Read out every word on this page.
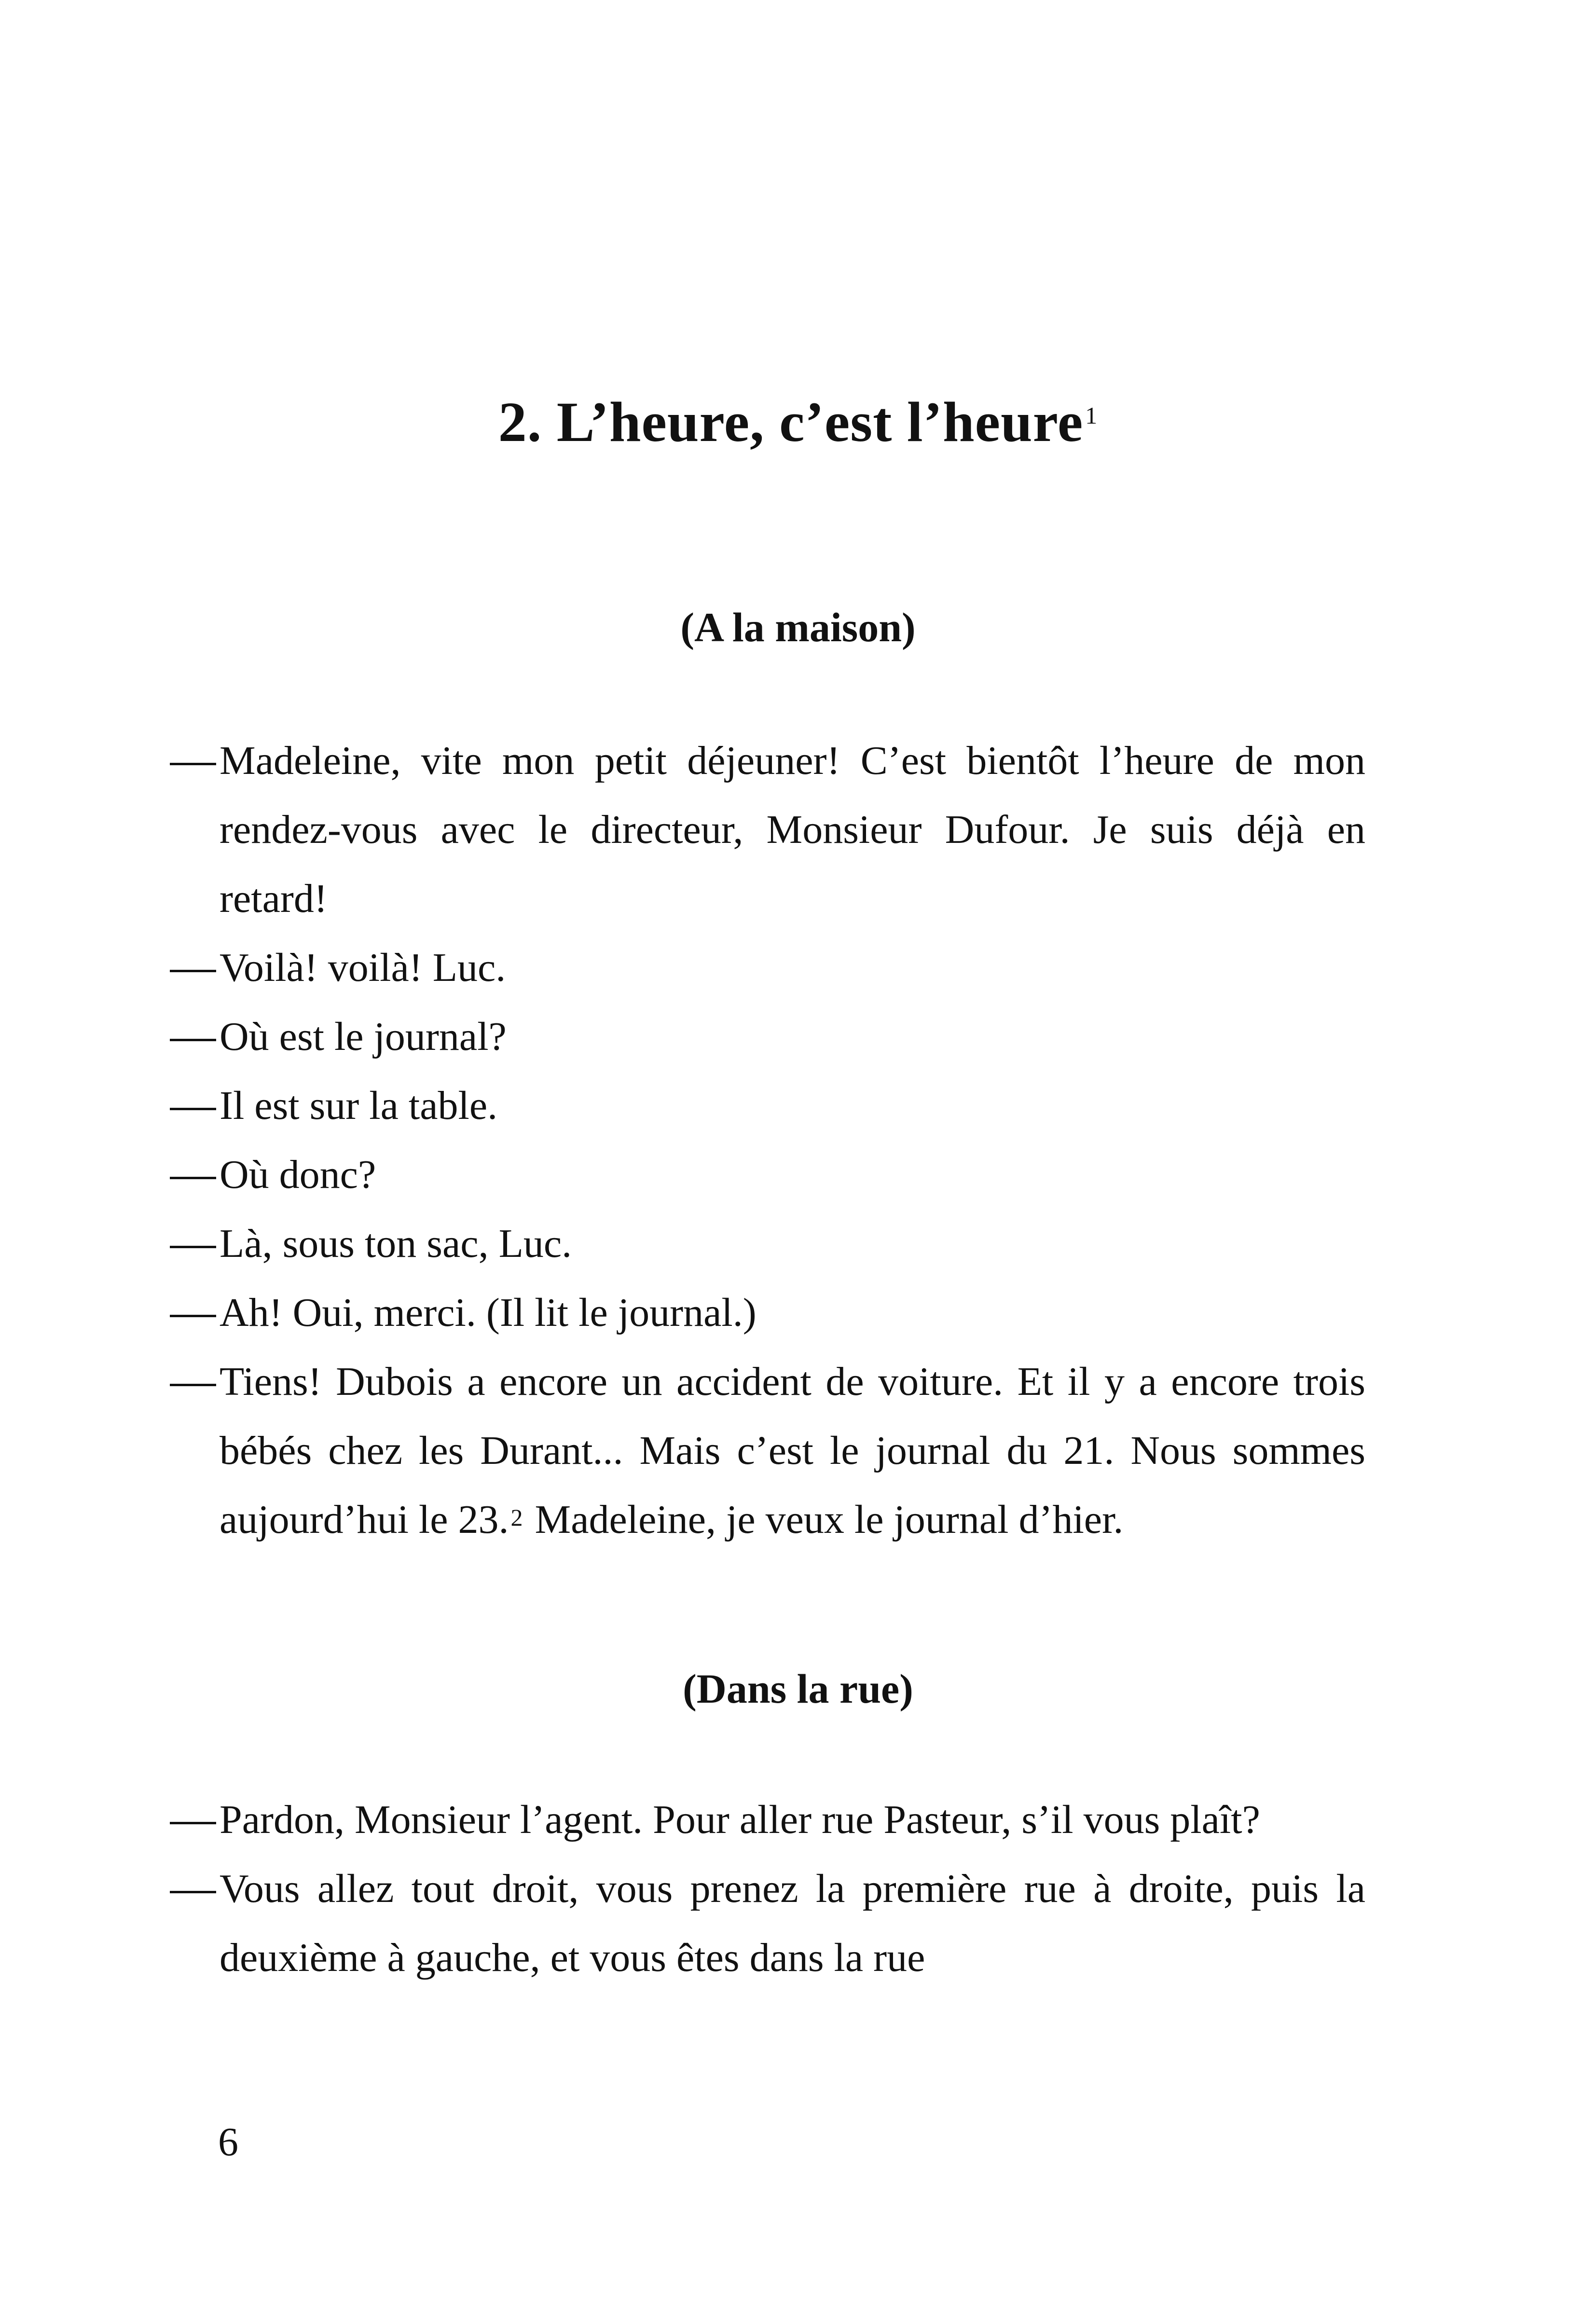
2. L’heure, c’est l’heure$^1$
(A la maison)
Madeleine, vite mon petit déjeuner! C’est bientôt l’heure de mon rendez-vous avec le directeur, Monsieur Dufour. Je suis déjà en retard!
Voilà! voilà! Luc.
Où est le journal?
Il est sur la table.
Où donc?
Là, sous ton sac, Luc.
Ah! Oui, merci. (Il lit le journal.)
Tiens! Dubois a encore un accident de voiture. Et il y a encore trois bébés chez les Durant... Mais c’est le journal du 21. Nous sommes aujourd’hui le 23.$^2$ Madeleine, je veux le journal d’hier.
(Dans la rue)
Pardon, Monsieur l’agent. Pour aller rue Pasteur, s’il vous plaît?
Vous allez tout droit, vous prenez la première rue à droite, puis la deuxième à gauche, et vous êtes dans la rue
6
